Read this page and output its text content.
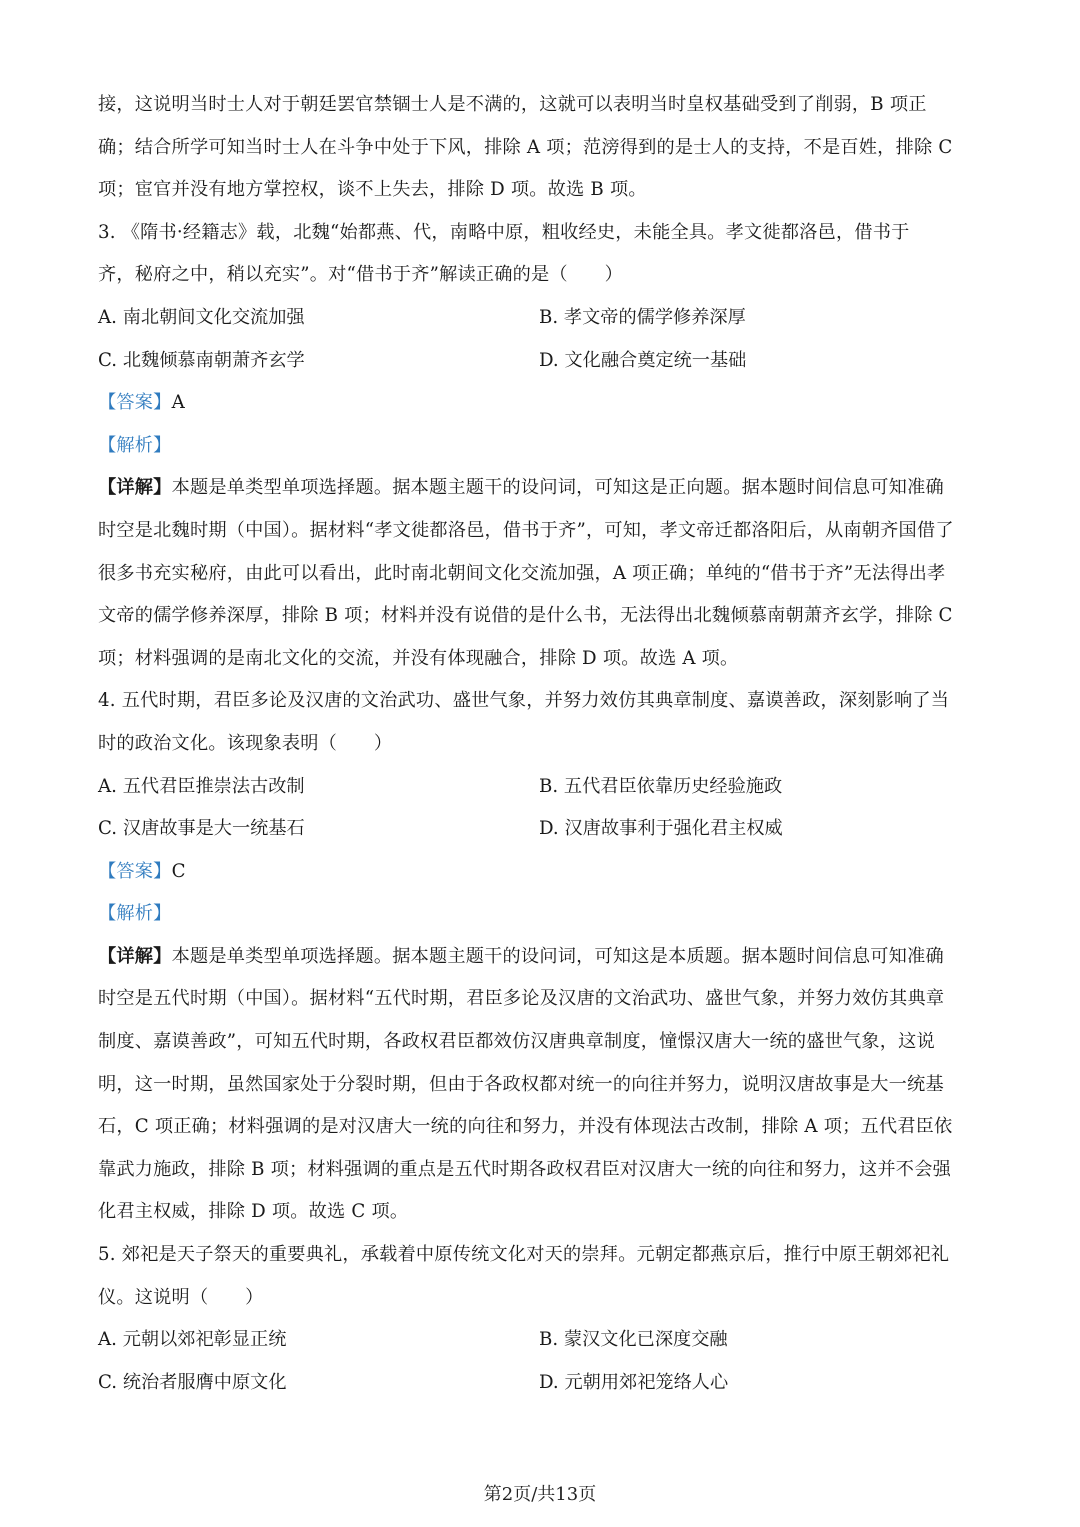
接，这说明当时士人对于朝廷罢官禁锢士人是不满的，这就可以表明当时皇权基础受到了削弱，B 项正
确；结合所学可知当时士人在斗争中处于下风，排除 A 项；范滂得到的是士人的支持，不是百姓，排除 C
项；宦官并没有地方掌控权，谈不上失去，排除 D 项。故选 B 项。
3. 《隋书·经籍志》载，北魏“始都燕、代，南略中原，粗收经史，未能全具。孝文徙都洛邑，借书于
齐，秘府之中，稍以充实”。对“借书于齐”解读正确的是（　　）
A. 南北朝间文化交流加强	B. 孝文帝的儒学修养深厚
C. 北魏倾慕南朝萧齐玄学	D. 文化融合奠定统一基础
【答案】A
【解析】
【详解】本题是单类型单项选择题。据本题主题干的设问词，可知这是正向题。据本题时间信息可知准确
时空是北魏时期（中国）。据材料“孝文徙都洛邑，借书于齐”，可知，孝文帝迁都洛阳后，从南朝齐国借了
很多书充实秘府，由此可以看出，此时南北朝间文化交流加强，A 项正确；单纯的“借书于齐”无法得出孝
文帝的儒学修养深厚，排除 B 项；材料并没有说借的是什么书，无法得出北魏倾慕南朝萧齐玄学，排除 C
项；材料强调的是南北文化的交流，并没有体现融合，排除 D 项。故选 A 项。
4. 五代时期，君臣多论及汉唐的文治武功、盛世气象，并努力效仿其典章制度、嘉谟善政，深刻影响了当
时的政治文化。该现象表明（　　）
A. 五代君臣推崇法古改制	B. 五代君臣依靠历史经验施政
C. 汉唐故事是大一统基石	D. 汉唐故事利于强化君主权威
【答案】C
【解析】
【详解】本题是单类型单项选择题。据本题主题干的设问词，可知这是本质题。据本题时间信息可知准确
时空是五代时期（中国）。据材料“五代时期，君臣多论及汉唐的文治武功、盛世气象，并努力效仿其典章
制度、嘉谟善政”，可知五代时期，各政权君臣都效仿汉唐典章制度，憧憬汉唐大一统的盛世气象，这说
明，这一时期，虽然国家处于分裂时期，但由于各政权都对统一的向往并努力，说明汉唐故事是大一统基
石，C 项正确；材料强调的是对汉唐大一统的向往和努力，并没有体现法古改制，排除 A 项；五代君臣依
靠武力施政，排除 B 项；材料强调的重点是五代时期各政权君臣对汉唐大一统的向往和努力，这并不会强
化君主权威，排除 D 项。故选 C 项。
5. 郊祀是天子祭天的重要典礼，承载着中原传统文化对天的崇拜。元朝定都燕京后，推行中原王朝郊祀礼
仪。这说明（　　）
A. 元朝以郊祀彰显正统	B. 蒙汉文化已深度交融
C. 统治者服膺中原文化	D. 元朝用郊祀笼络人心
第2页/共13页
